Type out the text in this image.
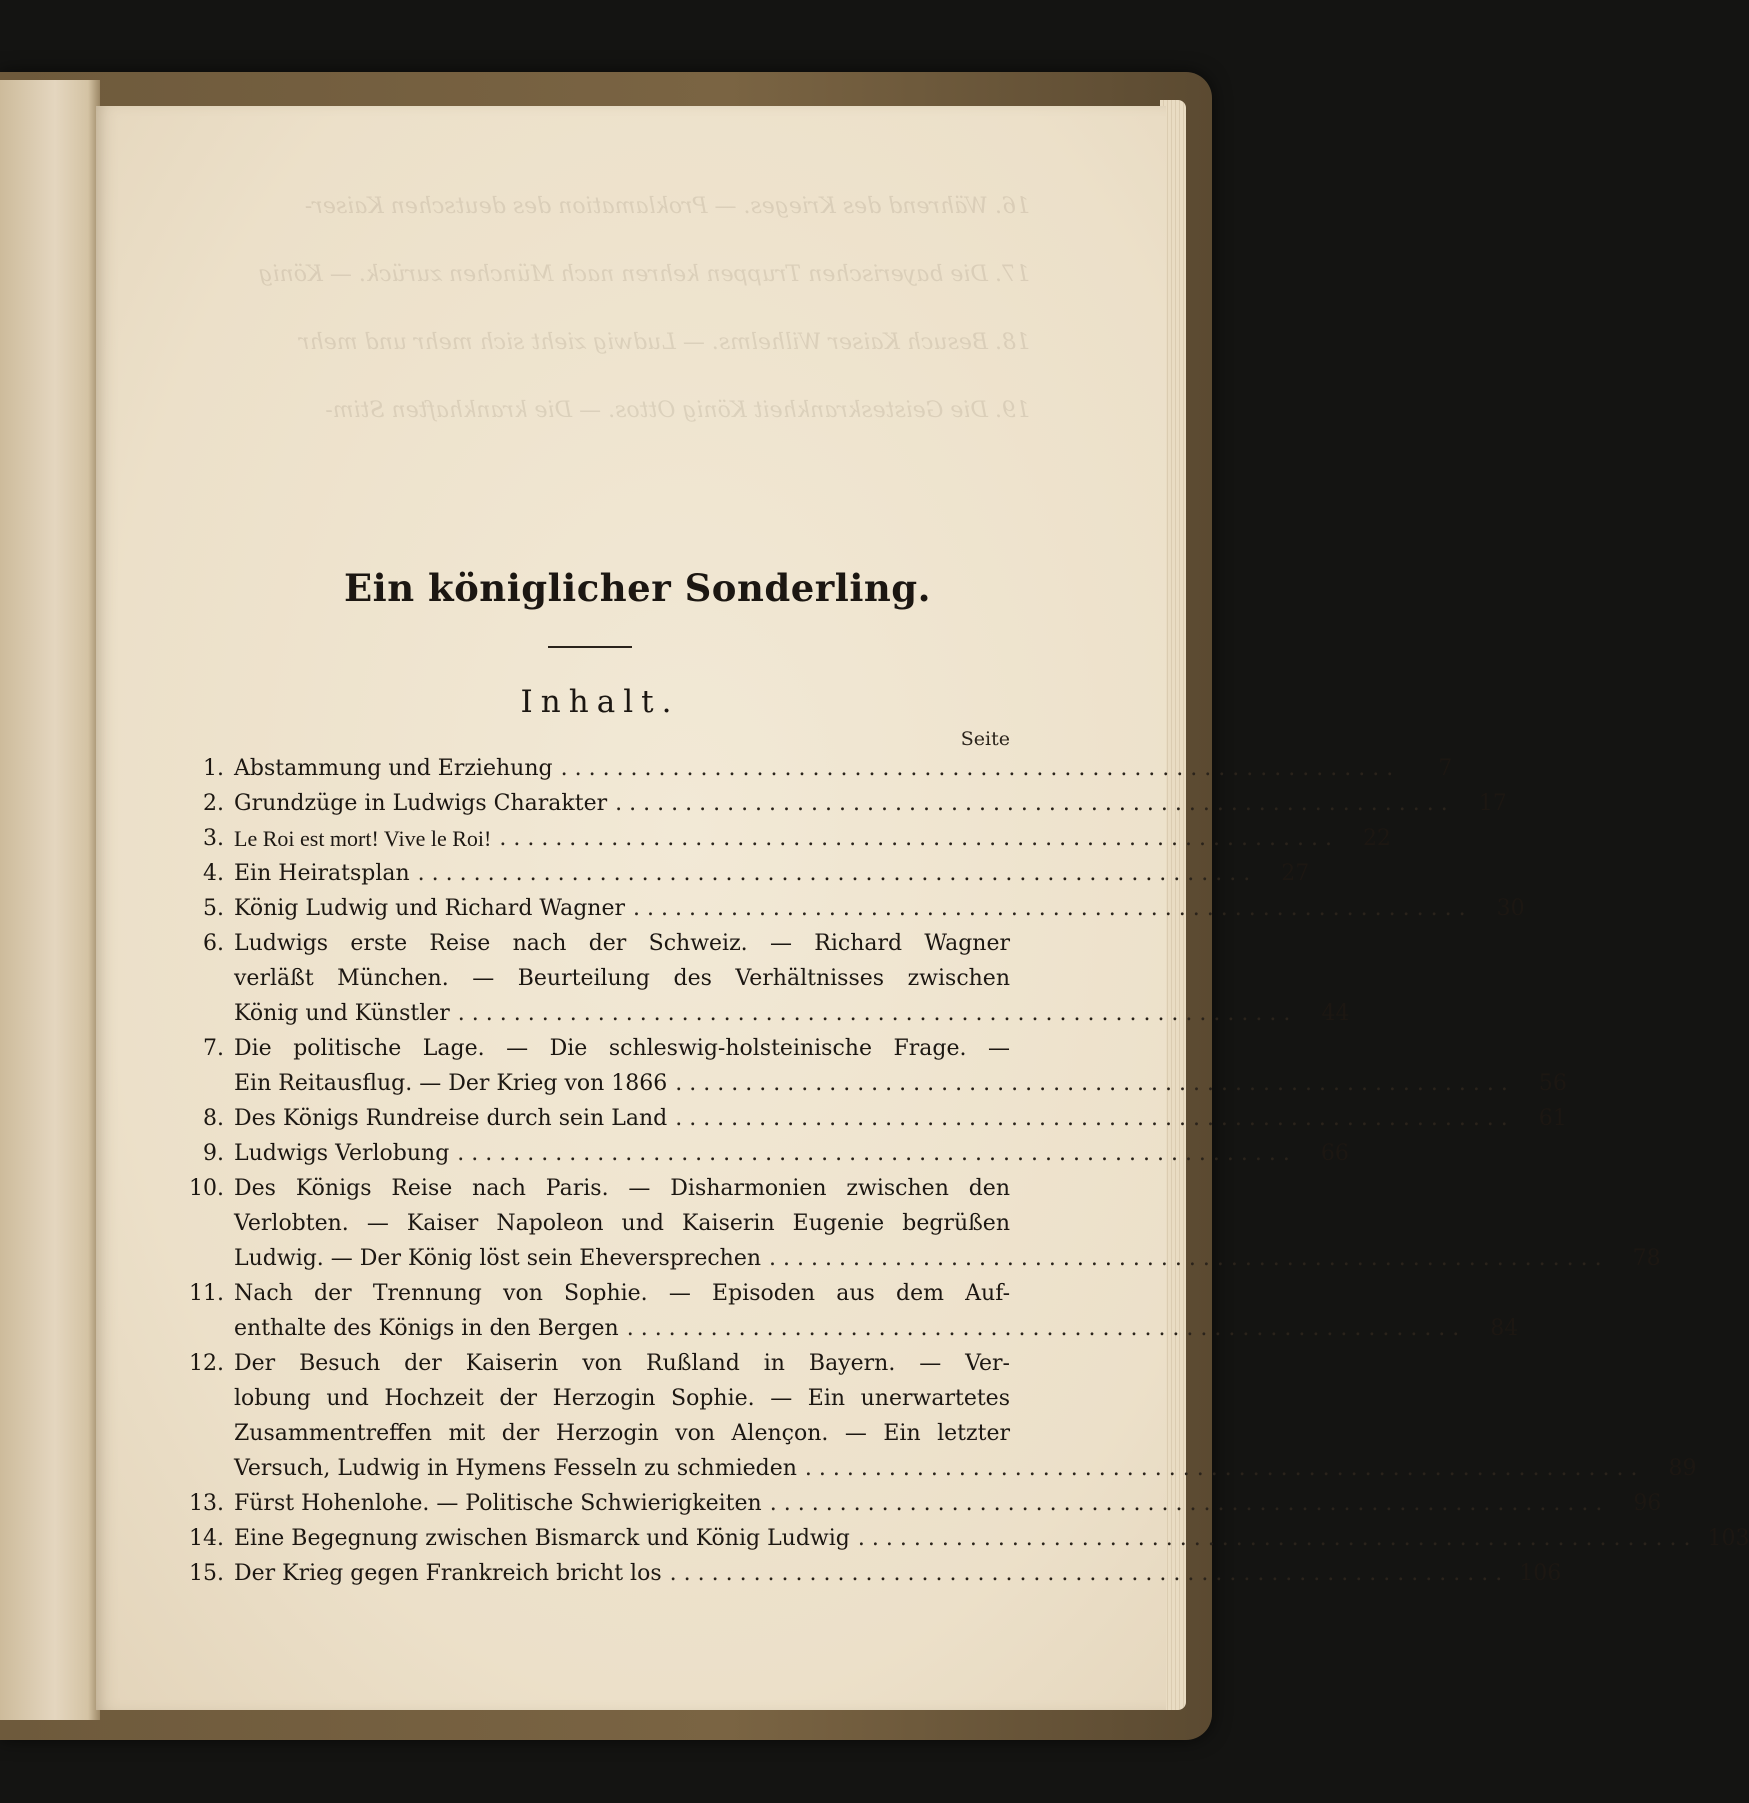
16. Während des Krieges. — Proklamation des deutschen Kaiser-
17. Die bayerischen Truppen kehren nach München zurück. — König
18. Besuch Kaiser Wilhelms. — Ludwig zieht sich mehr und mehr
19. Die Geisteskrankheit König Ottos. — Die krankhaften Stim-
Ein königlicher Sonderling.
Inhalt.
Seite
1. Abstammung und Erziehung ............................................................	7
2. Grundzüge in Ludwigs Charakter ............................................................	17
3. Le Roi est mort! Vive le Roi! ............................................................	22
4. Ein Heiratsplan ............................................................	27
5. König Ludwig und Richard Wagner ............................................................	30
6. Ludwigs erste Reise nach der Schweiz. — Richard Wagner
verläßt München. — Beurteilung des Verhältnisses zwischen
König und Künstler ............................................................	44
7. Die politische Lage. — Die schleswig-holsteinische Frage. —
Ein Reitausflug. — Der Krieg von 1866 ............................................................	56
8. Des Königs Rundreise durch sein Land ............................................................	61
9. Ludwigs Verlobung ............................................................	66
10. Des Königs Reise nach Paris. — Disharmonien zwischen den
Verlobten. — Kaiser Napoleon und Kaiserin Eugenie begrüßen
Ludwig. — Der König löst sein Eheversprechen ............................................................	78
11. Nach der Trennung von Sophie. — Episoden aus dem Auf-
enthalte des Königs in den Bergen ............................................................	84
12. Der Besuch der Kaiserin von Rußland in Bayern. — Ver-
lobung und Hochzeit der Herzogin Sophie. — Ein unerwartetes
Zusammentreffen mit der Herzogin von Alençon. — Ein letzter
Versuch, Ludwig in Hymens Fesseln zu schmieden ............................................................	89
13. Fürst Hohenlohe. — Politische Schwierigkeiten ............................................................	96
14. Eine Begegnung zwischen Bismarck und König Ludwig ............................................................ 103
15. Der Krieg gegen Frankreich bricht los ............................................................ 106
